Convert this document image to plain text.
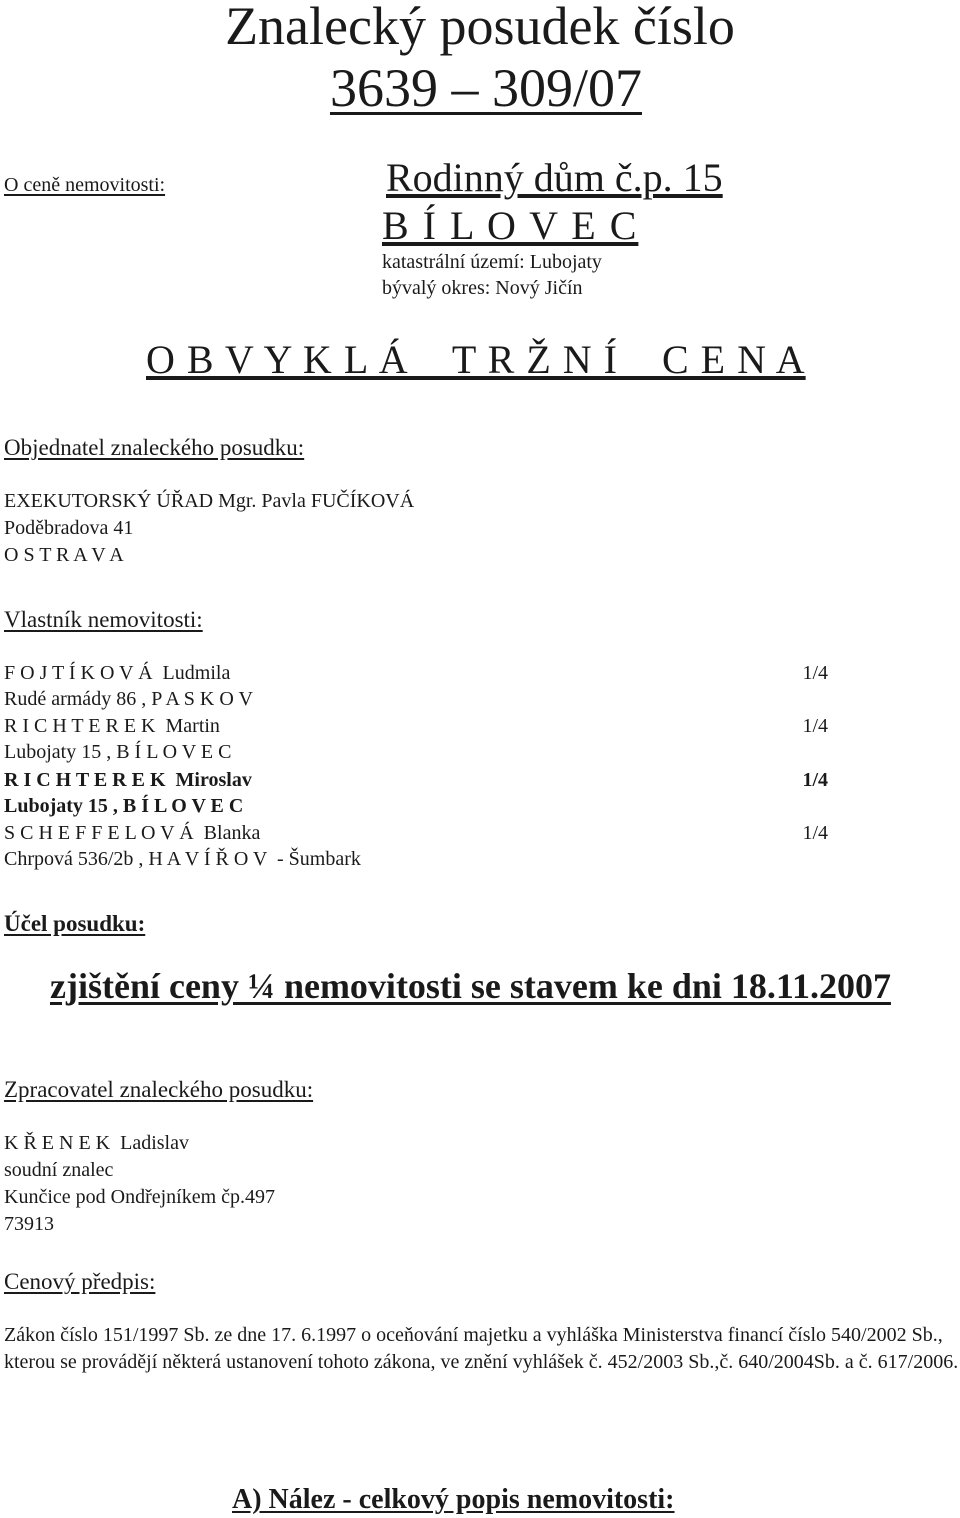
Znalecký posudek číslo
3639 – 309/07
O ceně nemovitosti:	Rodinný dům č.p. 15
B Í L O V E C
katastrální území: Lubojaty
bývalý okres: Nový Jičín
O B V Y K L Á    T R Ž N Í    C E N A
Objednatel znaleckého posudku:
EXEKUTORSKÝ ÚŘAD Mgr. Pavla FUČÍKOVÁ
Poděbradova 41
O S T R A V A
Vlastník nemovitosti:
F O J T Í K O V Á  Ludmila	1/4
Rudé armády 86 , P A S K O V
R I C H T E R E K  Martin	1/4
Lubojaty 15 , B Í L O V E C
R I C H T E R E K  Miroslav	1/4
Lubojaty 15 , B Í L O V E C
S C H E F F E L O V Á  Blanka	1/4
Chrpová 536/2b , H A V Í Ř O V  - Šumbark
Účel posudku:
zjištění ceny ¼ nemovitosti se stavem ke dni 18.11.2007
Zpracovatel znaleckého posudku:
K Ř E N E K  Ladislav
soudní znalec
Kunčice pod Ondřejníkem čp.497
73913
Cenový předpis:
Zákon číslo 151/1997 Sb. ze dne 17. 6.1997 o oceňování majetku a vyhláška Ministerstva financí číslo 540/2002 Sb., kterou se provádějí některá ustanovení tohoto zákona, ve znění vyhlášek č. 452/2003 Sb.,č. 640/2004Sb. a č. 617/2006.
A) Nález - celkový popis nemovitosti:
